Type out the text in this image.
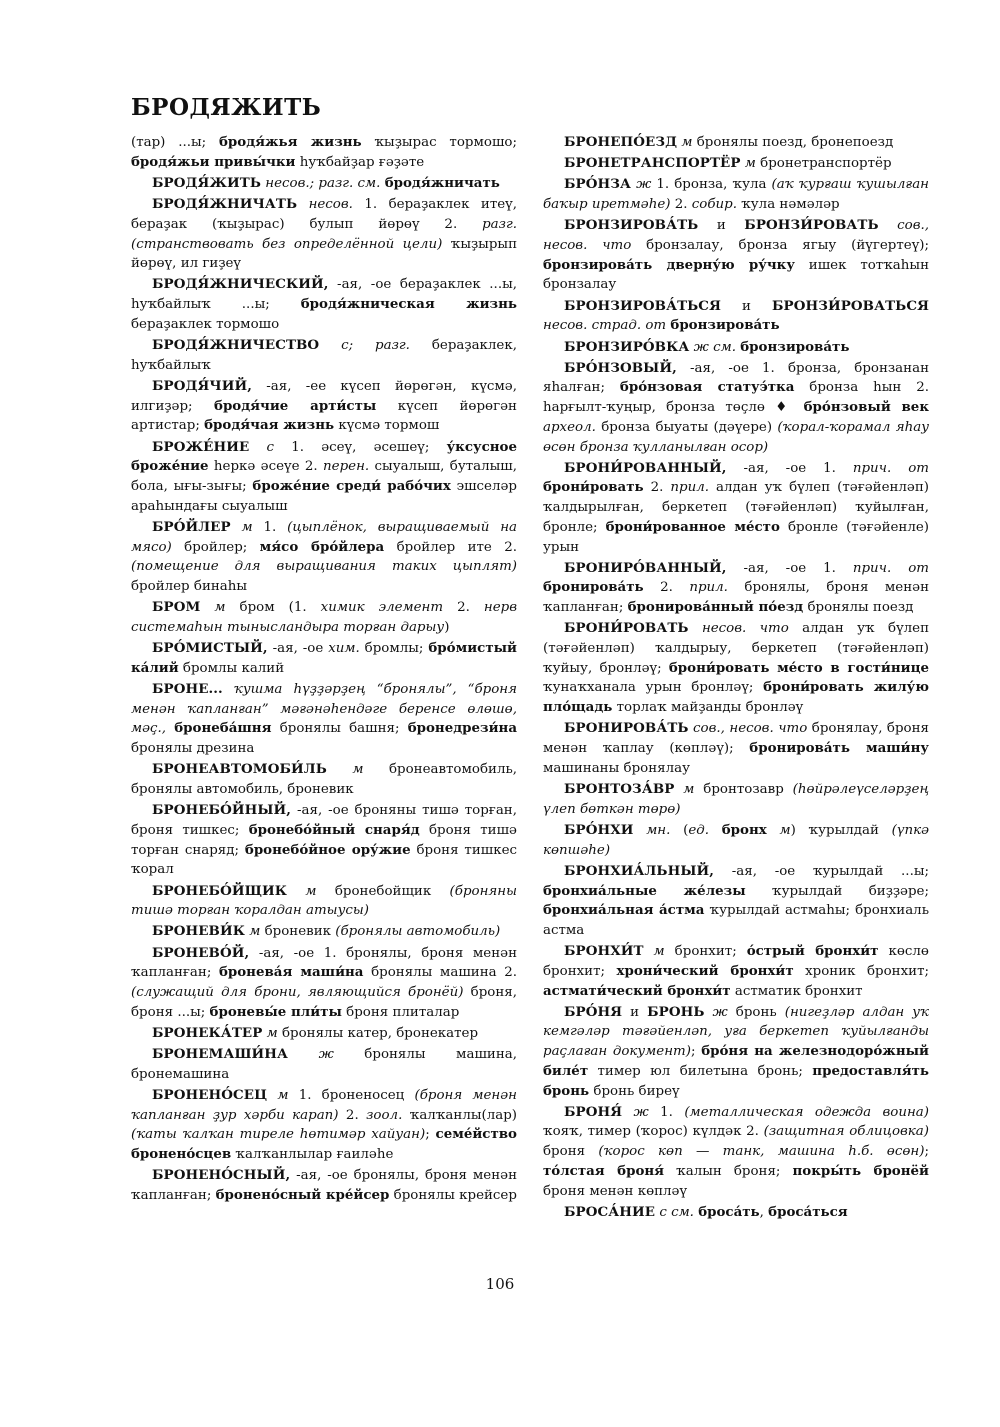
БРОДЯЖИТЬ

(тар) ...ы; бродя́жья жизнь ҡыҙырас тормошо; бродя́жьи привы́чки һуҡбайҙар ғәҙәте

БРОДЯ́ЖИТЬ несов.; разг. см. бродя́жничать

БРОДЯ́ЖНИЧАТЬ несов. 1. бераҙаклек итеү, бераҙак (ҡыҙырас) булып йөрөү 2. разг. (странствовать без определённой цели) ҡыҙырып йөрөү, ил гиҙеү

БРОДЯ́ЖНИЧЕСКИЙ, -ая, -ое бераҙаклек ...ы, һуҡбайлыҡ ...ы; бродя́жническая жизнь бераҙаклек тормошо

БРОДЯ́ЖНИЧЕСТВО с; разг. бераҙаклек, һуҡбайлыҡ

БРОДЯ́ЧИЙ, -ая, -ее күсеп йөрөгән, күсмә, илгиҙәр; бродя́чие арти́сты күсеп йөрөгән артистар; бродя́чая жизнь күсмә тормош

БРОЖЕ́НИЕ с 1. әсеү, әсешеү; у́ксусное броже́ние һеркә әсеүе 2. перен. сыуалыш, буталыш, бола, ығы-зығы; броже́ние среди́ рабо́чих эшселәр араһындағы сыуалыш

БРО́ЙЛЕР м 1. (цыплёнок, выращиваемый на мясо) бройлер; мя́со бро́йлера бройлер ите 2. (помещение для выращивания таких цыплят) бройлер бинаһы

БРОМ м бром (1. химик элемент 2. нерв системаһын тынысландыра торған дарыу)

БРО́МИСТЫЙ, -ая, -ое хим. бромлы; бро́мистый ка́лий бромлы калий

БРОНЕ... ҡушма һүҙҙәрҙең “бронялы”, “броня менән ҡапланған” мәғәнәһендәге беренсе өлөшө, мәҫ., бронеба́шня бронялы башня; бронедрези́на бронялы дрезина

БРОНЕАВТОМОБИ́ЛЬ м бронеавтомобиль, бронялы автомобиль, броневик

БРОНЕБО́ЙНЫЙ, -ая, -ое броняны тишә торған, броня тишкес; бронебо́йный снаря́д броня тишә торған снаряд; бронебо́йное ору́жие броня тишкес ҡорал

БРОНЕБО́ЙЩИК м бронебойщик (броняны тишә торған ҡоралдан атыусы)

БРОНЕВИ́К м броневик (бронялы автомобиль)

БРОНЕВО́Й, -ая, -ое 1. бронялы, броня менән ҡапланған; бронева́я маши́на бронялы машина 2. (служащий для брони, являющийся бронёй) броня, броня ...ы; броневы́е пли́ты броня плиталар

БРОНЕКА́ТЕР м бронялы катер, бронекатер

БРОНЕМАШИ́НА ж бронялы машина, бронемашина

БРОНЕНО́СЕЦ м 1. броненосец (броня менән ҡапланған ҙур хәрби карап) 2. зоол. ҡалҡанлы(лар) (ҡаты ҡалҡан тиреле һөтимәр хайуан); семе́йство бронено́сцев ҡалҡанлылар ғаиләһе

БРОНЕНО́СНЫЙ, -ая, -ое бронялы, броня менән ҡапланған; бронено́сный кре́йсер бронялы крейсер

БРОНЕПО́ЕЗД м бронялы поезд, бронепоезд

БРОНЕТРАНСПОРТЁР м бронетранспортёр

БРО́НЗА ж 1. бронза, ҡула (аҡ ҡурғаш ҡушылған баҡыр иретмәһе) 2. собир. ҡула нәмәләр

БРОНЗИРОВА́ТЬ и БРОНЗИ́РОВАТЬ сов., несов. что бронзалау, бронза ягыу (йүгертеү); бронзирова́ть дверну́ю ру́чку ишек тотҡаһын бронзалау

БРОНЗИРОВА́ТЬСЯ и БРОНЗИ́РОВАТЬСЯ несов. страд. от бронзирова́ть

БРОНЗИРО́ВКА ж см. бронзирова́ть

БРО́НЗОВЫЙ, -ая, -ое 1. бронза, бронзанан яһалған; бро́нзовая статуэ́тка бронза һын 2. һарғылт-ҡуңыр, бронза төҫлө ♦ бро́нзовый век археол. бронза быуаты (дәүере) (ҡорал-ҡорамал яһау өсөн бронза ҡулланылған осор)

БРОНИ́РОВАННЫЙ, -ая, -ое 1. прич. от брони́ровать 2. прил. алдан уҡ бүлеп (тәғәйенләп) ҡалдырылған, беркетеп (тәғәйенләп) ҡуйылған, бронле; брони́рованное ме́сто бронле (тәғәйенле) урын

БРОНИРО́ВАННЫЙ, -ая, -ое 1. прич. от бронирова́ть 2. прил. бронялы, броня менән ҡапланған; бронирова́нный по́езд бронялы поезд

БРОНИ́РОВАТЬ несов. что алдан уҡ бүлеп (тәғәйенләп) ҡалдырыу, беркетеп (тәғәйенләп) ҡуйыу, бронләү; брони́ровать ме́сто в гости́нице ҡунаҡханала урын бронләү; брони́ровать жилу́ю пло́щадь торлаҡ майҙанды бронләү

БРОНИРОВА́ТЬ сов., несов. что бронялау, броня менән ҡаплау (көпләү); бронирова́ть маши́ну машинаны бронялау

БРОНТОЗА́ВР м бронтозавр (һөйрәлеүселәрҙең үлеп бөткән төрө)

БРО́НХИ мн. (ед. бронх м) ҡурылдай (үпкә көпшәһе)

БРОНХИА́ЛЬНЫЙ, -ая, -ое ҡурылдай ...ы; бронхиа́льные же́лезы ҡурылдай биҙҙәре; бронхиа́льная а́стма ҡурылдай астмаһы; бронхиаль астма

БРОНХИ́Т м бронхит; о́стрый бронхи́т көслө бронхит; хрони́ческий бронхи́т хроник бронхит; астмати́ческий бронхи́т астматик бронхит

БРО́НЯ и БРОНЬ ж бронь (нигеҙләр алдан уҡ кемгәләр тәғәйенләп, уға беркетеп ҡуйылғанды раҫлаған документ); бро́ня на железнодоро́жный биле́т тимер юл билетына бронь; предоставля́ть бронь бронь биреү

БРОНЯ́ ж 1. (металлическая одежда воина) ҡояҡ, тимер (ҡорос) күлдәк 2. (защитная облицовка) броня (ҡорос көп — танк, машина һ.б. өсөн); то́лстая броня́ ҡалын броня; покры́ть бронёй броня менән көпләү

БРОСА́НИЕ с см. броса́ть, броса́ться

106
